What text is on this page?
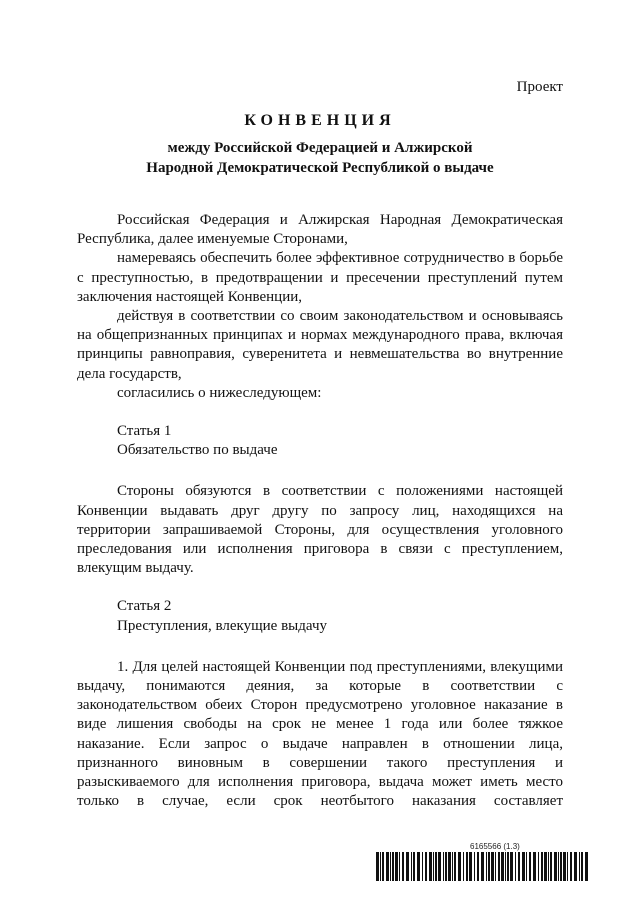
Проект
КОНВЕНЦИЯ
между Российской Федерацией и Алжирской
Народной Демократической Республикой о выдаче

Российская Федерация и Алжирская Народная Демократическая Республика, далее именуемые Сторонами,

намереваясь обеспечить более эффективное сотрудничество в борьбе с преступностью, в предотвращении и пресечении преступлений путем заключения настоящей Конвенции,

действуя в соответствии со своим законодательством и основываясь на общепризнанных принципах и нормах международного права, включая принципы равноправия, суверенитета и невмешательства во внутренние дела государств,

согласились о нижеследующем:

Статья 1

Обязательство по выдаче

Стороны обязуются в соответствии с положениями настоящей Конвенции выдавать друг другу по запросу лиц, находящихся на территории запрашиваемой Стороны, для осуществления уголовного преследования или исполнения приговора в связи с преступлением, влекущим выдачу.

Статья 2

Преступления, влекущие выдачу

1. Для целей настоящей Конвенции под преступлениями, влекущими выдачу, понимаются деяния, за которые в соответствии с законодательством обеих Сторон предусмотрено уголовное наказание в виде лишения свободы на срок не менее 1 года или более тяжкое наказание. Если запрос о выдаче направлен в отношении лица, признанного виновным в совершении такого преступления и разыскиваемого для исполнения приговора, выдача может иметь место только в случае, если срок неотбытого наказания составляет

6165566 (1.3)
